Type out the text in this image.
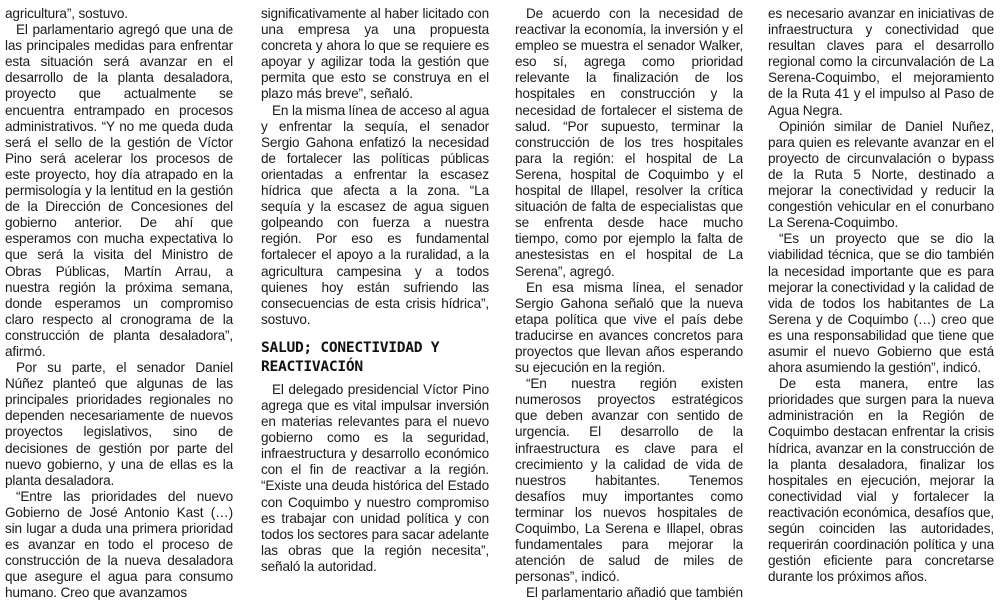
agricultura”, sostuvo.

El parlamentario agregó que una de las principales medidas para enfrentar esta situación será avanzar en el desarrollo de la planta desaladora, proyecto que actualmente se encuentra entrampado en procesos administrativos. “Y no me queda duda será el sello de la gestión de Víctor Pino será acelerar los procesos de este proyecto, hoy día atrapado en la permisología y la lentitud en la gestión de la Dirección de Concesiones del gobierno anterior. De ahí que esperamos con mucha expectativa lo que será la visita del Ministro de Obras Públicas, Martín Arrau, a nuestra región la próxima semana, donde esperamos un compromiso claro respecto al cronograma de la construcción de planta desaladora”, afirmó.

Por su parte, el senador Daniel Núñez planteó que algunas de las principales prioridades regionales no dependen necesariamente de nuevos proyectos legislativos, sino de decisiones de gestión por parte del nuevo gobierno, y una de ellas es la planta desaladora.

“Entre las prioridades del nuevo Gobierno de José Antonio Kast (…) sin lugar a duda una primera prioridad es avanzar en todo el proceso de construcción de la nueva desaladora que asegure el agua para consumo humano. Creo que avanzamos

significativamente al haber licitado con una empresa ya una propuesta concreta y ahora lo que se requiere es apoyar y agilizar toda la gestión que permita que esto se construya en el plazo más breve”, señaló.

En la misma línea de acceso al agua y enfrentar la sequía, el senador Sergio Gahona enfatizó la necesidad de fortalecer las políticas públicas orientadas a enfrentar la escasez hídrica que afecta a la zona. “La sequía y la escasez de agua siguen golpeando con fuerza a nuestra región. Por eso es fundamental fortalecer el apoyo a la ruralidad, a la agricultura campesina y a todos quienes hoy están sufriendo las consecuencias de esta crisis hídrica”, sostuvo.

SALUD; CONECTIVIDAD Y REACTIVACIÓN

El delegado presidencial Víctor Pino agrega que es vital impulsar inversión en materias relevantes para el nuevo gobierno como es la seguridad, infraestructura y desarrollo económico con el fin de reactivar a la región. “Existe una deuda histórica del Estado con Coquimbo y nuestro compromiso es trabajar con unidad política y con todos los sectores para sacar adelante las obras que la región necesita”, señaló la autoridad.

De acuerdo con la necesidad de reactivar la economía, la inversión y el empleo se muestra el senador Walker, eso sí, agrega como prioridad relevante la finalización de los hospitales en construcción y la necesidad de fortalecer el sistema de salud. “Por supuesto, terminar la construcción de los tres hospitales para la región: el hospital de La Serena, hospital de Coquimbo y el hospital de Illapel, resolver la crítica situación de falta de especialistas que se enfrenta desde hace mucho tiempo, como por ejemplo la falta de anestesistas en el hospital de La Serena”, agregó.

En esa misma línea, el senador Sergio Gahona señaló que la nueva etapa política que vive el país debe traducirse en avances concretos para proyectos que llevan años esperando su ejecución en la región.

“En nuestra región existen numerosos proyectos estratégicos que deben avanzar con sentido de urgencia. El desarrollo de la infraestructura es clave para el crecimiento y la calidad de vida de nuestros habitantes. Tenemos desafíos muy importantes como terminar los nuevos hospitales de Coquimbo, La Serena e Illapel, obras fundamentales para mejorar la atención de salud de miles de personas”, indicó.

El parlamentario añadió que también

es necesario avanzar en iniciativas de infraestructura y conectividad que resultan claves para el desarrollo regional como la circunvalación de La Serena-Coquimbo, el mejoramiento de la Ruta 41 y el impulso al Paso de Agua Negra.

Opinión similar de Daniel Nuñez, para quien es relevante avanzar en el proyecto de circunvalación o bypass de la Ruta 5 Norte, destinado a mejorar la conectividad y reducir la congestión vehicular en el conurbano La Serena-Coquimbo.

“Es un proyecto que se dio la viabilidad técnica, que se dio también la necesidad importante que es para mejorar la conectividad y la calidad de vida de todos los habitantes de La Serena y de Coquimbo (…) creo que es una responsabilidad que tiene que asumir el nuevo Gobierno que está ahora asumiendo la gestión”, indicó.

De esta manera, entre las prioridades que surgen para la nueva administración en la Región de Coquimbo destacan enfrentar la crisis hídrica, avanzar en la construcción de la planta desaladora, finalizar los hospitales en ejecución, mejorar la conectividad vial y fortalecer la reactivación económica, desafíos que, según coinciden las autoridades, requerirán coordinación política y una gestión eficiente para concretarse durante los próximos años.
